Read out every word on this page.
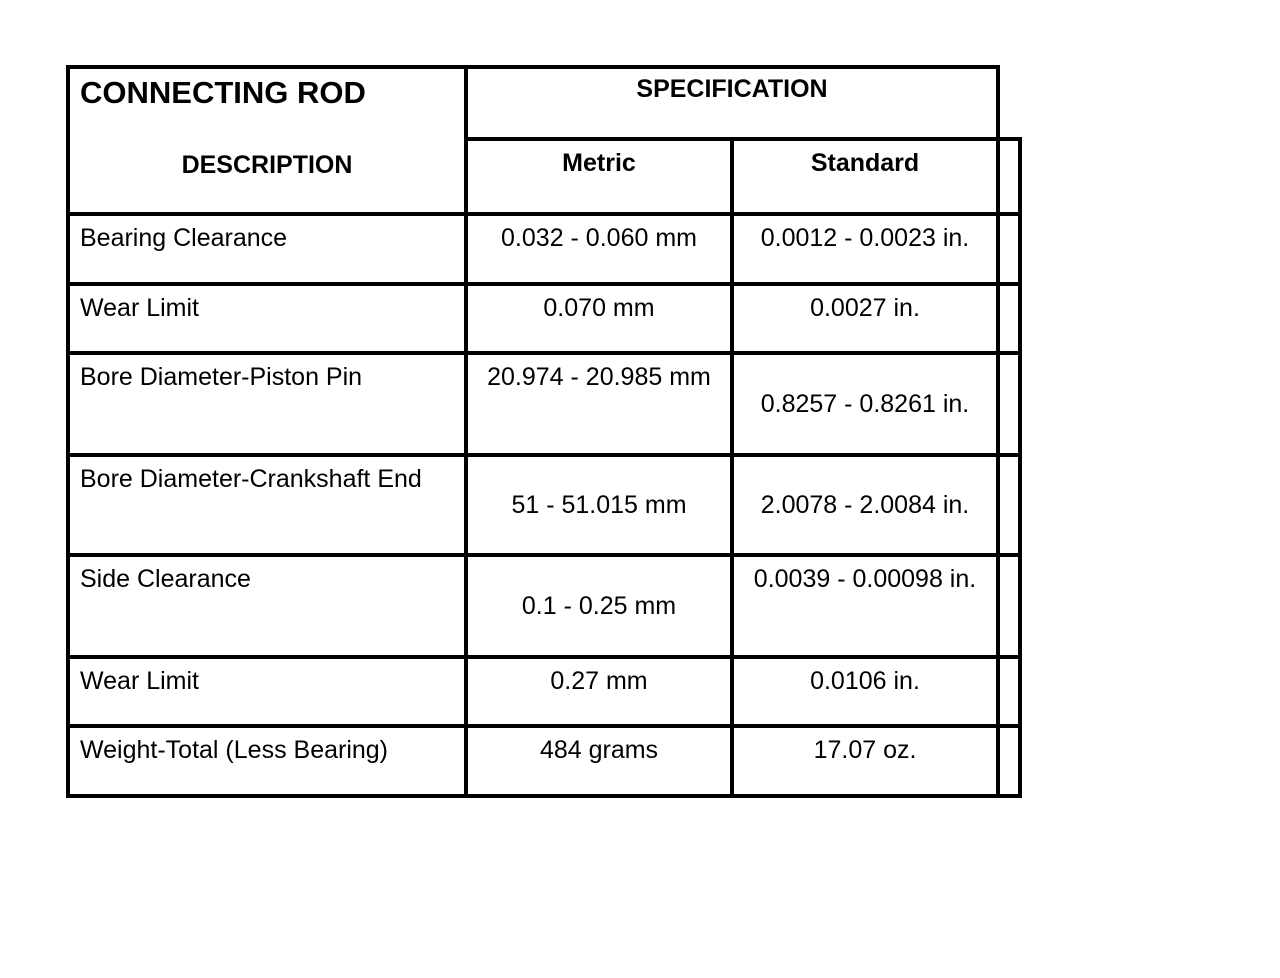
CONNECTING ROD
DESCRIPTION	SPECIFICATION		
	Metric	Standard	
Bearing Clearance	0.032 - 0.060 mm	0.0012 - 0.0023 in.	
Wear Limit	0.070 mm	0.0027 in.	
Bore Diameter-Piston Pin	20.974 - 20.985 mm	0.8257 - 0.8261 in.	
Bore Diameter-Crankshaft End	51 - 51.015 mm	2.0078 - 2.0084 in.	
Side Clearance	0.1 - 0.25 mm	0.0039 - 0.00098 in.	
Wear Limit	0.27 mm	0.0106 in.	
Weight-Total (Less Bearing)	484 grams	17.07 oz.	
